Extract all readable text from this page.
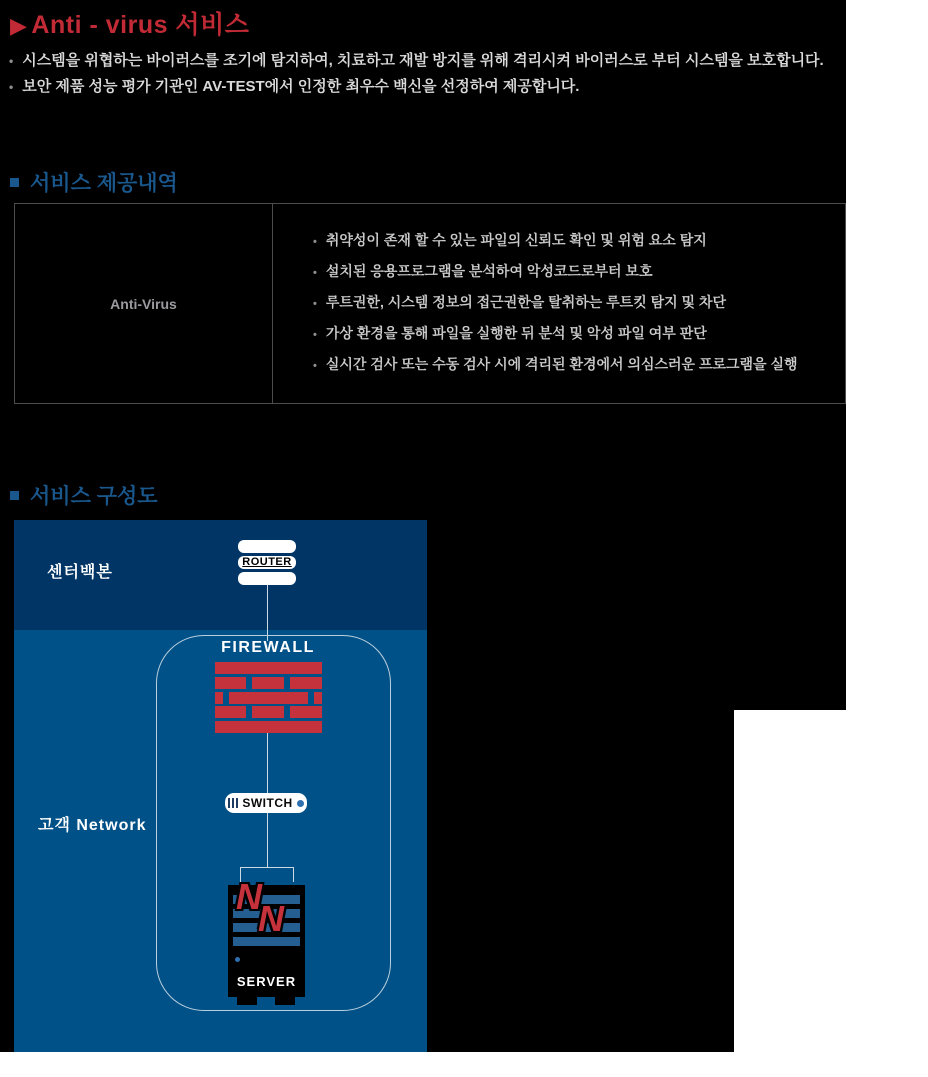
▶ Anti - virus 서비스
• 시스템을 위협하는 바이러스를 조기에 탐지하여, 치료하고 재발 방지를 위해 격리시켜 바이러스로 부터 시스템을 보호합니다.
• 보안 제품 성능 평가 기관인 AV-TEST에서 인정한 최우수 백신을 선정하여 제공합니다.
서비스 제공내역
Anti-Virus
• 취약성이 존재 할 수 있는 파일의 신뢰도 확인 및 위험 요소 탐지
• 설치된 응용프로그램을 분석하여 악성코드로부터 보호
• 루트권한, 시스템 정보의 접근권한을 탈취하는 루트킷 탐지 및 차단
• 가상 환경을 통해 파일을 실행한 뒤 분석 및 악성 파일 여부 판단
• 실시간 검사 또는 수동 검사 시에 격리된 환경에서 의심스러운 프로그램을 실행
서비스 구성도
센터백본
고객 Network
ROUTER
FIREWALL
SWITCH
N
N
SERVER
